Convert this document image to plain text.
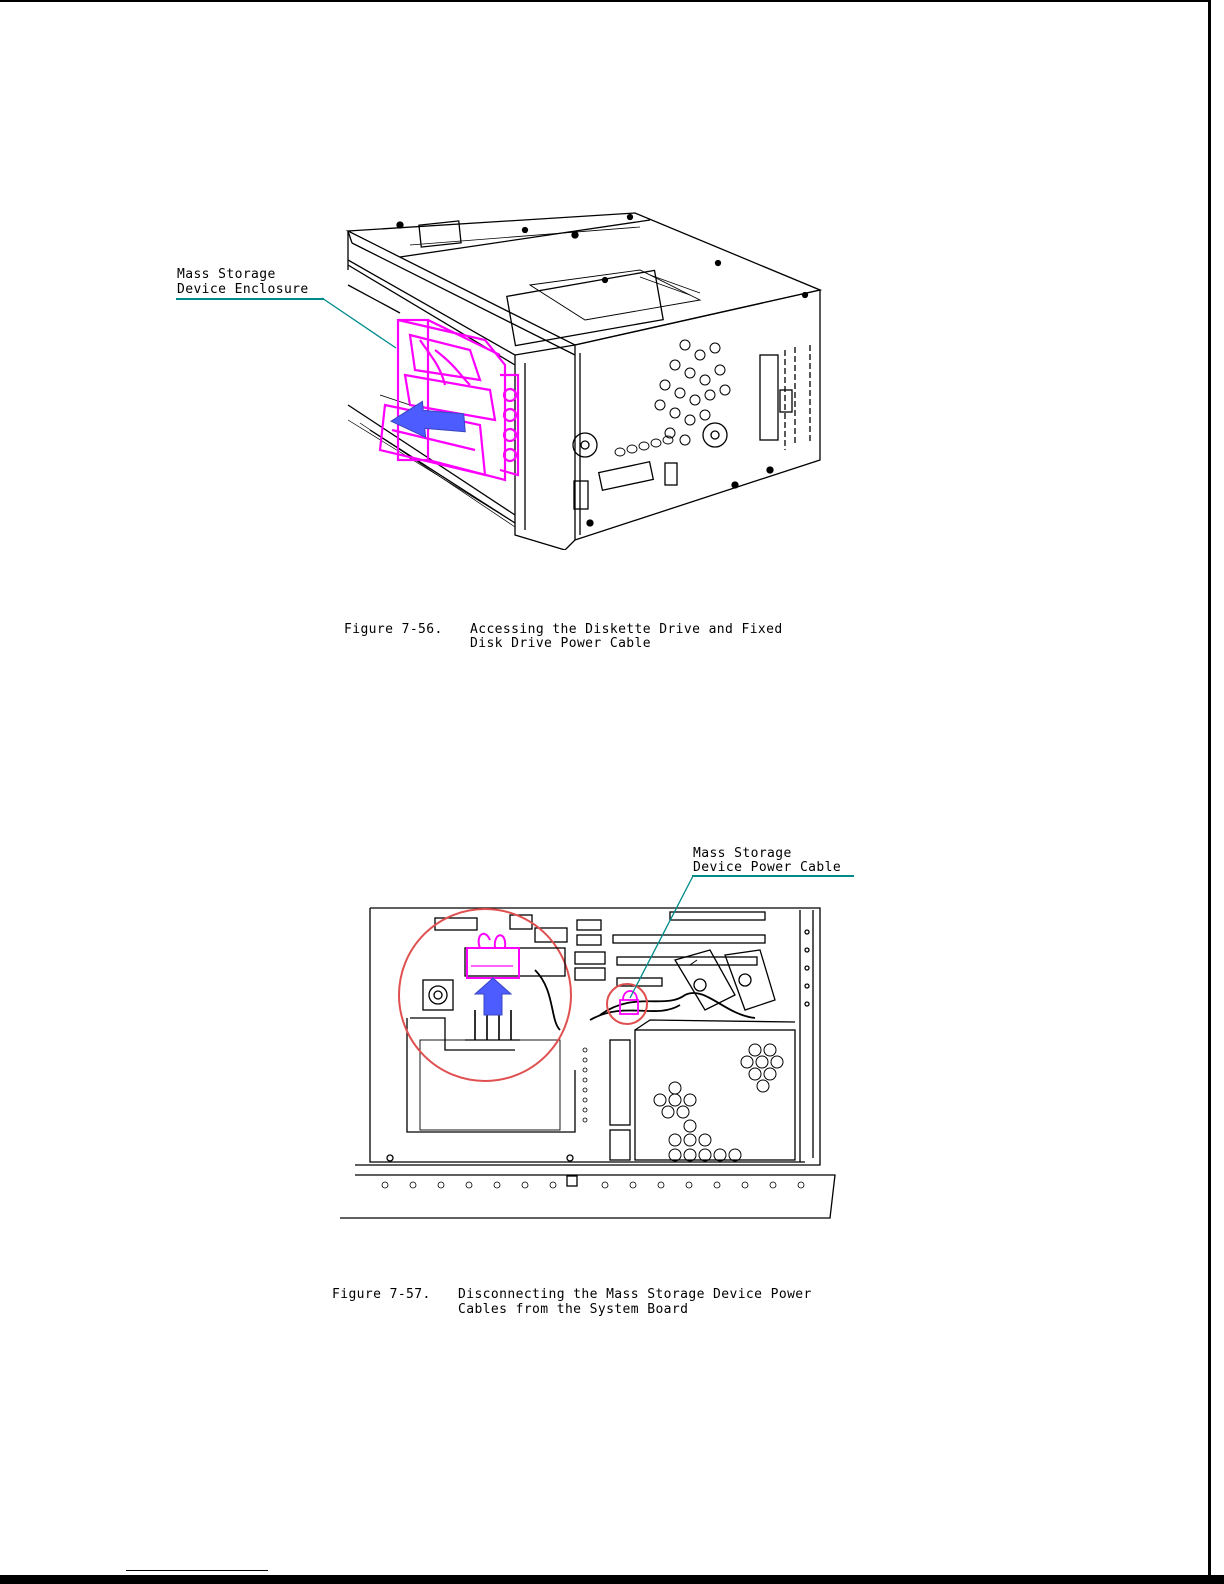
Mass Storage
Device Enclosure

Figure 7-56.

Accessing the Diskette Drive and Fixed

Disk Drive Power Cable

Mass Storage
Device Power Cable

Figure 7-57.

Disconnecting the Mass Storage Device Power

Cables from the System Board
